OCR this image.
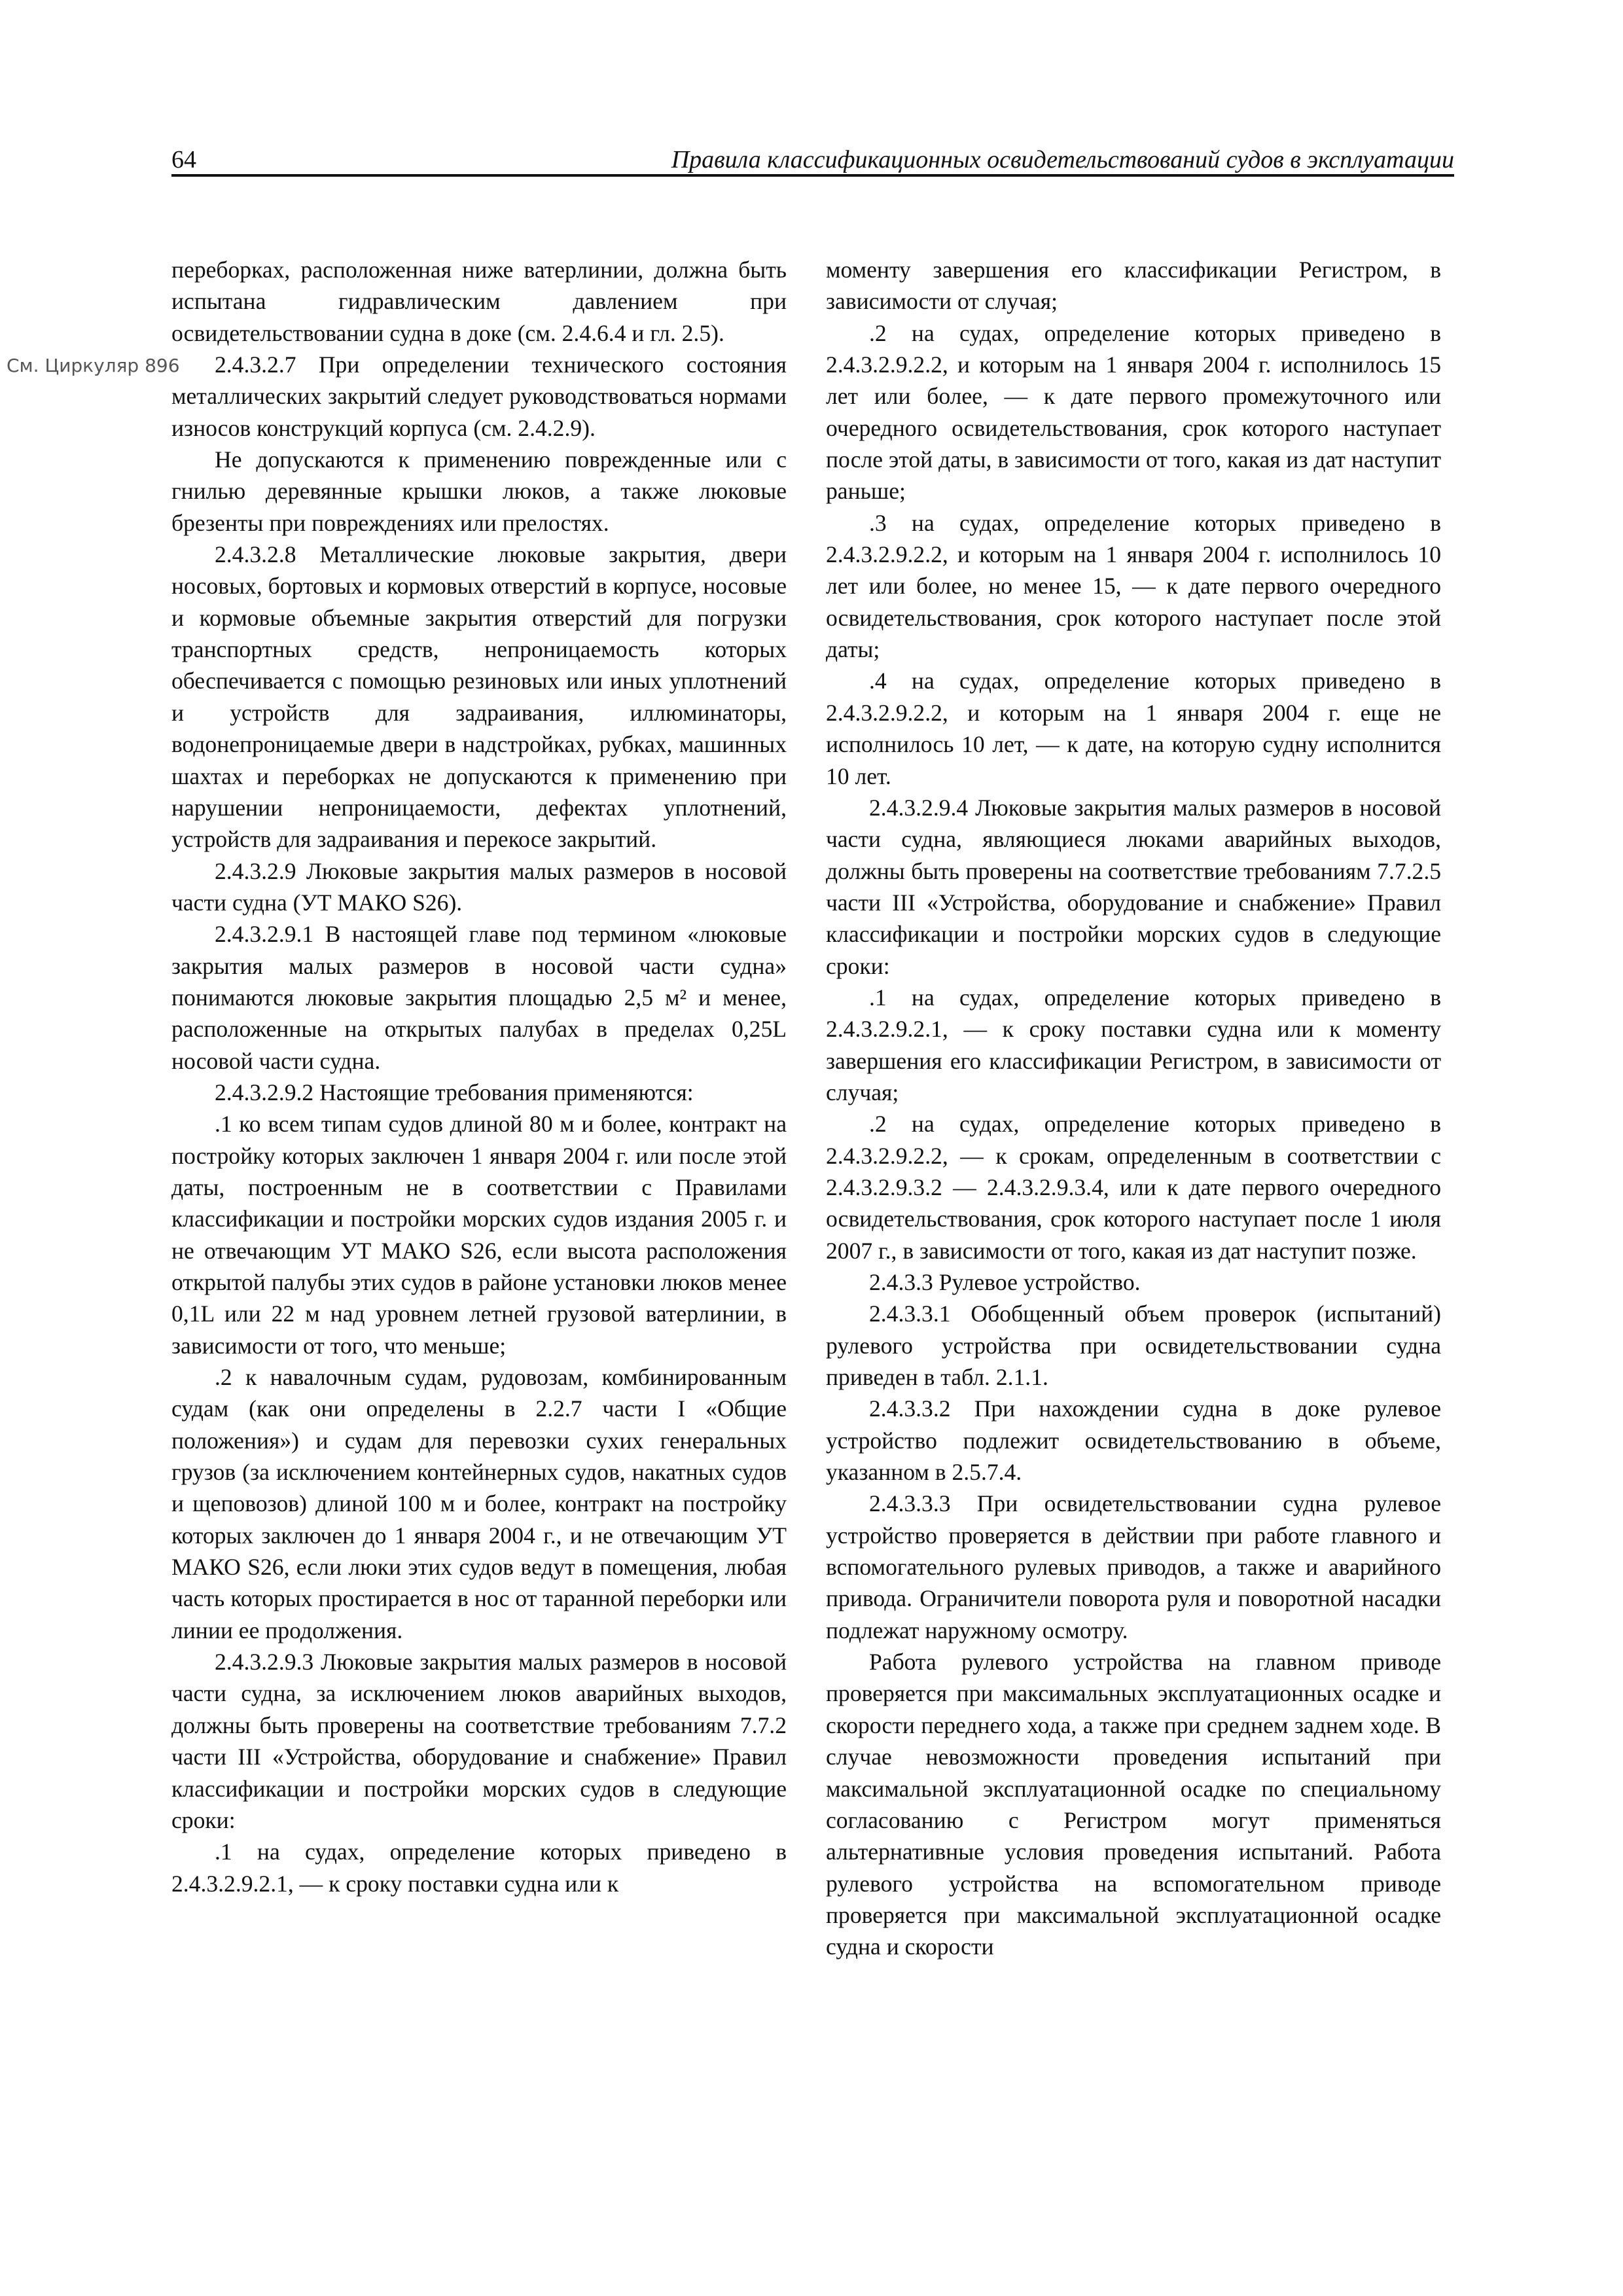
64	Правила классификационных освидетельствований судов в эксплуатации
См. Циркуляр 896

переборках, расположенная ниже ватерлинии, должна быть испытана гидравлическим давлением при освидетельствовании судна в доке (см. 2.4.6.4 и гл. 2.5).

2.4.3.2.7 При определении технического состояния металлических закрытий следует руководствоваться нормами износов конструкций корпуса (см. 2.4.2.9).

Не допускаются к применению поврежденные или с гнилью деревянные крышки люков, а также люковые брезенты при повреждениях или прелостях.

2.4.3.2.8 Металлические люковые закрытия, двери носовых, бортовых и кормовых отверстий в корпусе, носовые и кормовые объемные закрытия отверстий для погрузки транспортных средств, непроницаемость которых обеспечивается с помощью резиновых или иных уплотнений и устройств для задраивания, иллюминаторы, водонепроницаемые двери в надстройках, рубках, машинных шахтах и переборках не допускаются к применению при нарушении непроницаемости, дефектах уплотнений, устройств для задраивания и перекосе закрытий.

2.4.3.2.9 Люковые закрытия малых размеров в носовой части судна (УТ МАКО S26).

2.4.3.2.9.1 В настоящей главе под термином «люковые закрытия малых размеров в носовой части судна» понимаются люковые закрытия площадью 2,5 м² и менее, расположенные на открытых палубах в пределах 0,25L носовой части судна.

2.4.3.2.9.2 Настоящие требования применяются:

.1 ко всем типам судов длиной 80 м и более, контракт на постройку которых заключен 1 января 2004 г. или после этой даты, построенным не в соответствии с Правилами классификации и постройки морских судов издания 2005 г. и не отвечающим УТ МАКО S26, если высота расположения открытой палубы этих судов в районе установки люков менее 0,1L или 22 м над уровнем летней грузовой ватерлинии, в зависимости от того, что меньше;

.2 к навалочным судам, рудовозам, комбинированным судам (как они определены в 2.2.7 части I «Общие положения») и судам для перевозки сухих генеральных грузов (за исключением контейнерных судов, накатных судов и щеповозов) длиной 100 м и более, контракт на постройку которых заключен до 1 января 2004 г., и не отвечающим УТ МАКО S26, если люки этих судов ведут в помещения, любая часть которых простирается в нос от таранной переборки или линии ее продолжения.

2.4.3.2.9.3 Люковые закрытия малых размеров в носовой части судна, за исключением люков аварийных выходов, должны быть проверены на соответствие требованиям 7.7.2 части III «Устройства, оборудование и снабжение» Правил классификации и постройки морских судов в следующие сроки:

.1 на судах, определение которых приведено в 2.4.3.2.9.2.1, — к сроку поставки судна или к

моменту завершения его классификации Регистром, в зависимости от случая;

.2 на судах, определение которых приведено в 2.4.3.2.9.2.2, и которым на 1 января 2004 г. исполнилось 15 лет или более, — к дате первого промежуточного или очередного освидетельствования, срок которого наступает после этой даты, в зависимости от того, какая из дат наступит раньше;

.3 на судах, определение которых приведено в 2.4.3.2.9.2.2, и которым на 1 января 2004 г. исполнилось 10 лет или более, но менее 15, — к дате первого очередного освидетельствования, срок которого наступает после этой даты;

.4 на судах, определение которых приведено в 2.4.3.2.9.2.2, и которым на 1 января 2004 г. еще не исполнилось 10 лет, — к дате, на которую судну исполнится 10 лет.

2.4.3.2.9.4 Люковые закрытия малых размеров в носовой части судна, являющиеся люками аварийных выходов, должны быть проверены на соответствие требованиям 7.7.2.5 части III «Устройства, оборудование и снабжение» Правил классификации и постройки морских судов в следующие сроки:

.1 на судах, определение которых приведено в 2.4.3.2.9.2.1, — к сроку поставки судна или к моменту завершения его классификации Регистром, в зависимости от случая;

.2 на судах, определение которых приведено в 2.4.3.2.9.2.2, — к срокам, определенным в соответствии с 2.4.3.2.9.3.2 — 2.4.3.2.9.3.4, или к дате первого очередного освидетельствования, срок которого наступает после 1 июля 2007 г., в зависимости от того, какая из дат наступит позже.

2.4.3.3 Рулевое устройство.

2.4.3.3.1 Обобщенный объем проверок (испытаний) рулевого устройства при освидетельствовании судна приведен в табл. 2.1.1.

2.4.3.3.2 При нахождении судна в доке рулевое устройство подлежит освидетельствованию в объеме, указанном в 2.5.7.4.

2.4.3.3.3 При освидетельствовании судна рулевое устройство проверяется в действии при работе главного и вспомогательного рулевых приводов, а также и аварийного привода. Ограничители поворота руля и поворотной насадки подлежат наружному осмотру.

Работа рулевого устройства на главном приводе проверяется при максимальных эксплуатационных осадке и скорости переднего хода, а также при среднем заднем ходе. В случае невозможности проведения испытаний при максимальной эксплуатационной осадке по специальному согласованию с Регистром могут применяться альтернативные условия проведения испытаний. Работа рулевого устройства на вспомогательном приводе проверяется при максимальной эксплуатационной осадке судна и скорости
